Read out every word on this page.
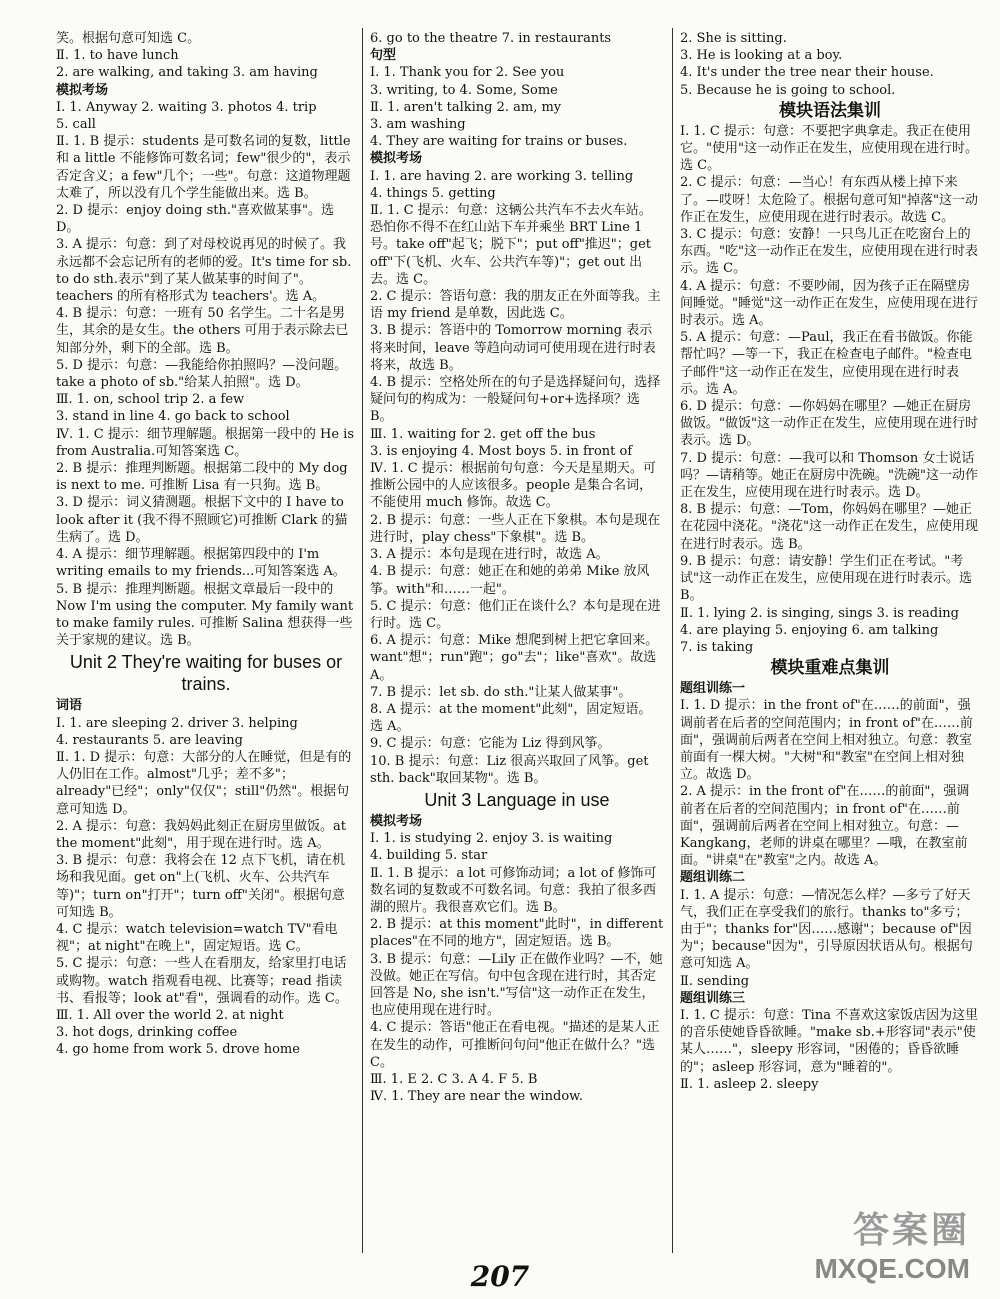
笑。根据句意可知选 C。
Ⅱ. 1. to have lunch
2. are walking, and taking 3. am having
模拟考场
Ⅰ. 1. Anyway 2. waiting 3. photos 4. trip
5. call
Ⅱ. 1. B 提示：students 是可数名词的复数，little 和 a little 不能修饰可数名词；few"很少的"，表示否定含义；a few"几个；一些"。句意：这道物理题太难了，所以没有几个学生能做出来。选 B。
2. D 提示：enjoy doing sth."喜欢做某事"。选 D。
3. A 提示：句意：到了对母校说再见的时候了。我永远都不会忘记所有的老师的爱。It's time for sb. to do sth.表示"到了某人做某事的时间了"。teachers 的所有格形式为 teachers'。选 A。
4. B 提示：句意：一班有 50 名学生。二十名是男生，其余的是女生。the others 可用于表示除去已知部分外，剩下的全部。选 B。
5. D 提示：句意：—我能给你拍照吗？—没问题。take a photo of sb."给某人拍照"。选 D。
Ⅲ. 1. on, school trip 2. a few
3. stand in line 4. go back to school
Ⅳ. 1. C 提示：细节理解题。根据第一段中的 He is from Australia.可知答案选 C。
2. B 提示：推理判断题。根据第二段中的 My dog is next to me. 可推断 Lisa 有一只狗。选 B。
3. D 提示：词义猜测题。根据下文中的 I have to look after it (我不得不照顾它)可推断 Clark 的猫生病了。选 D。
4. A 提示：细节理解题。根据第四段中的 I'm writing emails to my friends...可知答案选 A。
5. B 提示：推理判断题。根据文章最后一段中的 Now I'm using the computer. My family want to make family rules. 可推断 Salina 想获得一些关于家规的建议。选 B。
Unit 2 They're waiting for buses or trains.
词语
Ⅰ. 1. are sleeping 2. driver 3. helping
4. restaurants 5. are leaving
Ⅱ. 1. D 提示：句意：大部分的人在睡觉，但是有的人仍旧在工作。almost"几乎；差不多"；already"已经"；only"仅仅"；still"仍然"。根据句意可知选 D。
2. A 提示：句意：我妈妈此刻正在厨房里做饭。at the moment"此刻"，用于现在进行时。选 A。
3. B 提示：句意：我将会在 12 点下飞机，请在机场和我见面。get on"上(飞机、火车、公共汽车等)"；turn on"打开"；turn off"关闭"。根据句意可知选 B。
4. C 提示：watch television=watch TV"看电视"；at night"在晚上"，固定短语。选 C。
5. C 提示：句意：一些人在看朋友，给家里打电话或购物。watch 指观看电视、比赛等；read 指读书、看报等；look at"看"，强调看的动作。选 C。
Ⅲ. 1. All over the world 2. at night
3. hot dogs, drinking coffee
4. go home from work 5. drove home
6. go to the theatre 7. in restaurants
句型
Ⅰ. 1. Thank you for 2. See you
3. writing, to 4. Some, Some
Ⅱ. 1. aren't talking 2. am, my
3. am washing
4. They are waiting for trains or buses.
模拟考场
Ⅰ. 1. are having 2. are working 3. telling
4. things 5. getting
Ⅱ. 1. C 提示：句意：这辆公共汽车不去火车站。恐怕你不得不在红山站下车并乘坐 BRT Line 1 号。take off"起飞；脱下"；put off"推迟"；get off"下(飞机、火车、公共汽车等)"；get out 出去。选 C。
2. C 提示：答语句意：我的朋友正在外面等我。主语 my friend 是单数，因此选 C。
3. B 提示：答语中的 Tomorrow morning 表示将来时间，leave 等趋向动词可使用现在进行时表将来，故选 B。
4. B 提示：空格处所在的句子是选择疑问句，选择疑问句的构成为：一般疑问句+or+选择项？选 B。
Ⅲ. 1. waiting for 2. get off the bus
3. is enjoying 4. Most boys 5. in front of
Ⅳ. 1. C 提示：根据前句句意：今天是星期天。可推断公园中的人应该很多。people 是集合名词，不能使用 much 修饰。故选 C。
2. B 提示：句意：一些人正在下象棋。本句是现在进行时，play chess"下象棋"。选 B。
3. A 提示：本句是现在进行时，故选 A。
4. B 提示：句意：她正在和她的弟弟 Mike 放风筝。with"和……一起"。
5. C 提示：句意：他们正在谈什么？本句是现在进行时。选 C。
6. A 提示：句意：Mike 想爬到树上把它拿回来。want"想"；run"跑"；go"去"；like"喜欢"。故选 A。
7. B 提示：let sb. do sth."让某人做某事"。
8. A 提示：at the moment"此刻"，固定短语。选 A。
9. C 提示：句意：它能为 Liz 得到风筝。
10. B 提示：句意：Liz 很高兴取回了风筝。get sth. back"取回某物"。选 B。
Unit 3 Language in use
模拟考场
Ⅰ. 1. is studying 2. enjoy 3. is waiting
4. building 5. star
Ⅱ. 1. B 提示：a lot 可修饰动词；a lot of 修饰可数名词的复数或不可数名词。句意：我拍了很多西湖的照片。我很喜欢它们。选 B。
2. B 提示：at this moment"此时"，in different places"在不同的地方"，固定短语。选 B。
3. B 提示：句意：—Lily 正在做作业吗？—不，她没做。她正在写信。句中包含现在进行时，其否定回答是 No, she isn't."写信"这一动作正在发生，也应使用现在进行时。
4. C 提示：答语"他正在看电视。"描述的是某人正在发生的动作，可推断问句问"他正在做什么？"选 C。
Ⅲ. 1. E 2. C 3. A 4. F 5. B
Ⅳ. 1. They are near the window.
2. She is sitting.
3. He is looking at a boy.
4. It's under the tree near their house.
5. Because he is going to school.
模块语法集训
Ⅰ. 1. C 提示：句意：不要把字典拿走。我正在使用它。"使用"这一动作正在发生，应使用现在进行时。选 C。
2. C 提示：句意：—当心！有东西从楼上掉下来了。—哎呀！太危险了。根据句意可知"掉落"这一动作正在发生，应使用现在进行时表示。故选 C。
3. C 提示：句意：安静！一只鸟儿正在吃窗台上的东西。"吃"这一动作正在发生，应使用现在进行时表示。选 C。
4. A 提示：句意：不要吵闹，因为孩子正在隔壁房间睡觉。"睡觉"这一动作正在发生，应使用现在进行时表示。选 A。
5. A 提示：句意：—Paul，我正在看书做饭。你能帮忙吗？—等一下，我正在检查电子邮件。"检查电子邮件"这一动作正在发生，应使用现在进行时表示。选 A。
6. D 提示：句意：—你妈妈在哪里？—她正在厨房做饭。"做饭"这一动作正在发生，应使用现在进行时表示。选 D。
7. D 提示：句意：—我可以和 Thomson 女士说话吗？—请稍等。她正在厨房中洗碗。"洗碗"这一动作正在发生，应使用现在进行时表示。选 D。
8. B 提示：句意：—Tom，你妈妈在哪里？—她正在花园中浇花。"浇花"这一动作正在发生，应使用现在进行时表示。选 B。
9. B 提示：句意：请安静！学生们正在考试。"考试"这一动作正在发生，应使用现在进行时表示。选 B。
Ⅱ. 1. lying 2. is singing, sings 3. is reading
4. are playing 5. enjoying 6. am talking
7. is taking
模块重难点集训
题组训练一
Ⅰ. 1. D 提示：in the front of"在……的前面"，强调前者在后者的空间范围内；in front of"在……前面"，强调前后两者在空间上相对独立。句意：教室前面有一棵大树。"大树"和"教室"在空间上相对独立。故选 D。
2. A 提示：in the front of"在……的前面"，强调前者在后者的空间范围内；in front of"在……前面"，强调前后两者在空间上相对独立。句意：—Kangkang，老师的讲桌在哪里？—哦，在教室前面。"讲桌"在"教室"之内。故选 A。
题组训练二
Ⅰ. 1. A 提示：句意：—情况怎么样？—多亏了好天气，我们正在享受我们的旅行。thanks to"多亏；由于"；thanks for"因……感谢"；because of"因为"；because"因为"，引导原因状语从句。根据句意可知选 A。
Ⅱ. sending
题组训练三
Ⅰ. 1. C 提示：句意：Tina 不喜欢这家饭店因为这里的音乐使她昏昏欲睡。"make sb.+形容词"表示"使某人……"，sleepy 形容词，"困倦的；昏昏欲睡的"；asleep 形容词，意为"睡着的"。
Ⅱ. 1. asleep 2. sleepy
207
答案圈
MXQE.COM
